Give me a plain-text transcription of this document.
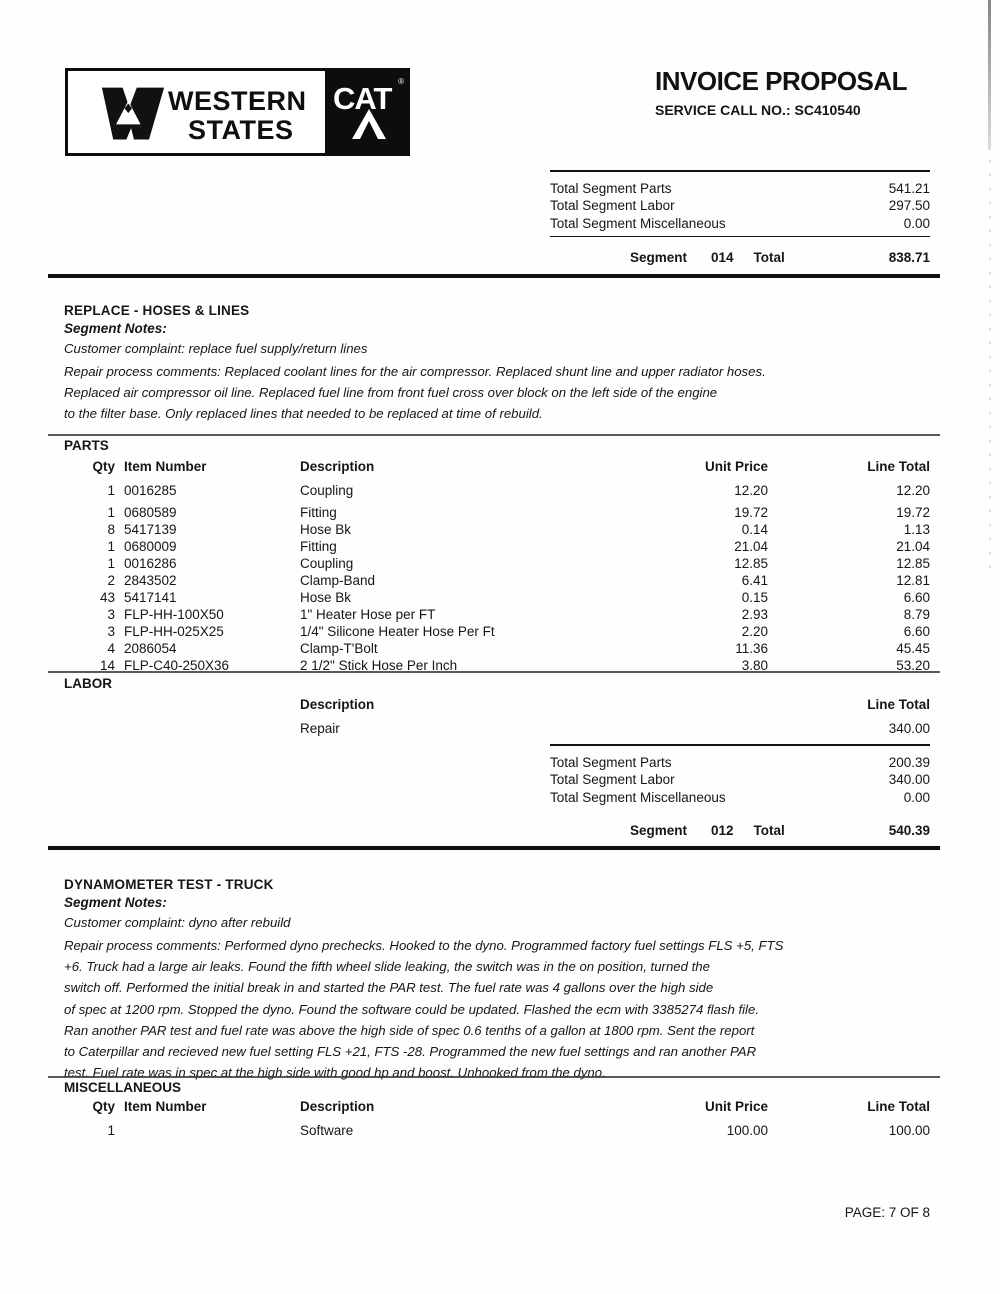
WESTERN
STATES
CAT ®	INVOICE PROPOSAL
SERVICE CALL NO.: SC410540
Total Segment Parts	541.21
Total Segment Labor	297.50
Total Segment Miscellaneous	0.00
Segment 014 Total	838.71
REPLACE - HOSES & LINES
Segment Notes:
Customer complaint: replace fuel supply/return lines
Repair process comments: Replaced coolant lines for the air compressor. Replaced shunt line and upper radiator hoses.
Replaced air compressor oil line. Replaced fuel line from front fuel cross over block on the left side of the engine
to the filter base. Only replaced lines that needed to be replaced at time of rebuild.
PARTS
Qty Item Number	Description	Unit Price	Line Total
1 0016285	Coupling	12.20	12.20
1 0680589	Fitting	19.72	19.72
8 5417139	Hose Bk	0.14	1.13
1 0680009	Fitting	21.04	21.04
1 0016286	Coupling	12.85	12.85
2 2843502	Clamp-Band	6.41	12.81
43 5417141	Hose Bk	0.15	6.60
3 FLP-HH-100X50	1" Heater Hose per FT	2.93	8.79
3 FLP-HH-025X25	1/4" Silicone Heater Hose Per Ft	2.20	6.60
4 2086054	Clamp-T'Bolt	11.36	45.45
14 FLP-C40-250X36	2 1/2" Stick Hose Per Inch	3.80	53.20
LABOR
Description	Line Total
Repair	340.00
Total Segment Parts	200.39
Total Segment Labor	340.00
Total Segment Miscellaneous	0.00
Segment 012 Total	540.39
DYNAMOMETER TEST - TRUCK
Segment Notes:
Customer complaint: dyno after rebuild
Repair process comments: Performed dyno prechecks. Hooked to the dyno. Programmed factory fuel settings FLS +5, FTS
+6. Truck had a large air leaks. Found the fifth wheel slide leaking, the switch was in the on position, turned the
switch off. Performed the initial break in and started the PAR test. The fuel rate was 4 gallons over the high side
of spec at 1200 rpm. Stopped the dyno. Found the software could be updated. Flashed the ecm with 3385274 flash file.
Ran another PAR test and fuel rate was above the high side of spec 0.6 tenths of a gallon at 1800 rpm. Sent the report
to Caterpillar and recieved new fuel setting FLS +21, FTS -28. Programmed the new fuel settings and ran another PAR
test. Fuel rate was in spec at the high side with good hp and boost. Unhooked from the dyno.
MISCELLANEOUS
Qty Item Number	Description	Unit Price	Line Total
1	Software	100.00	100.00
PAGE: 7 OF 8
